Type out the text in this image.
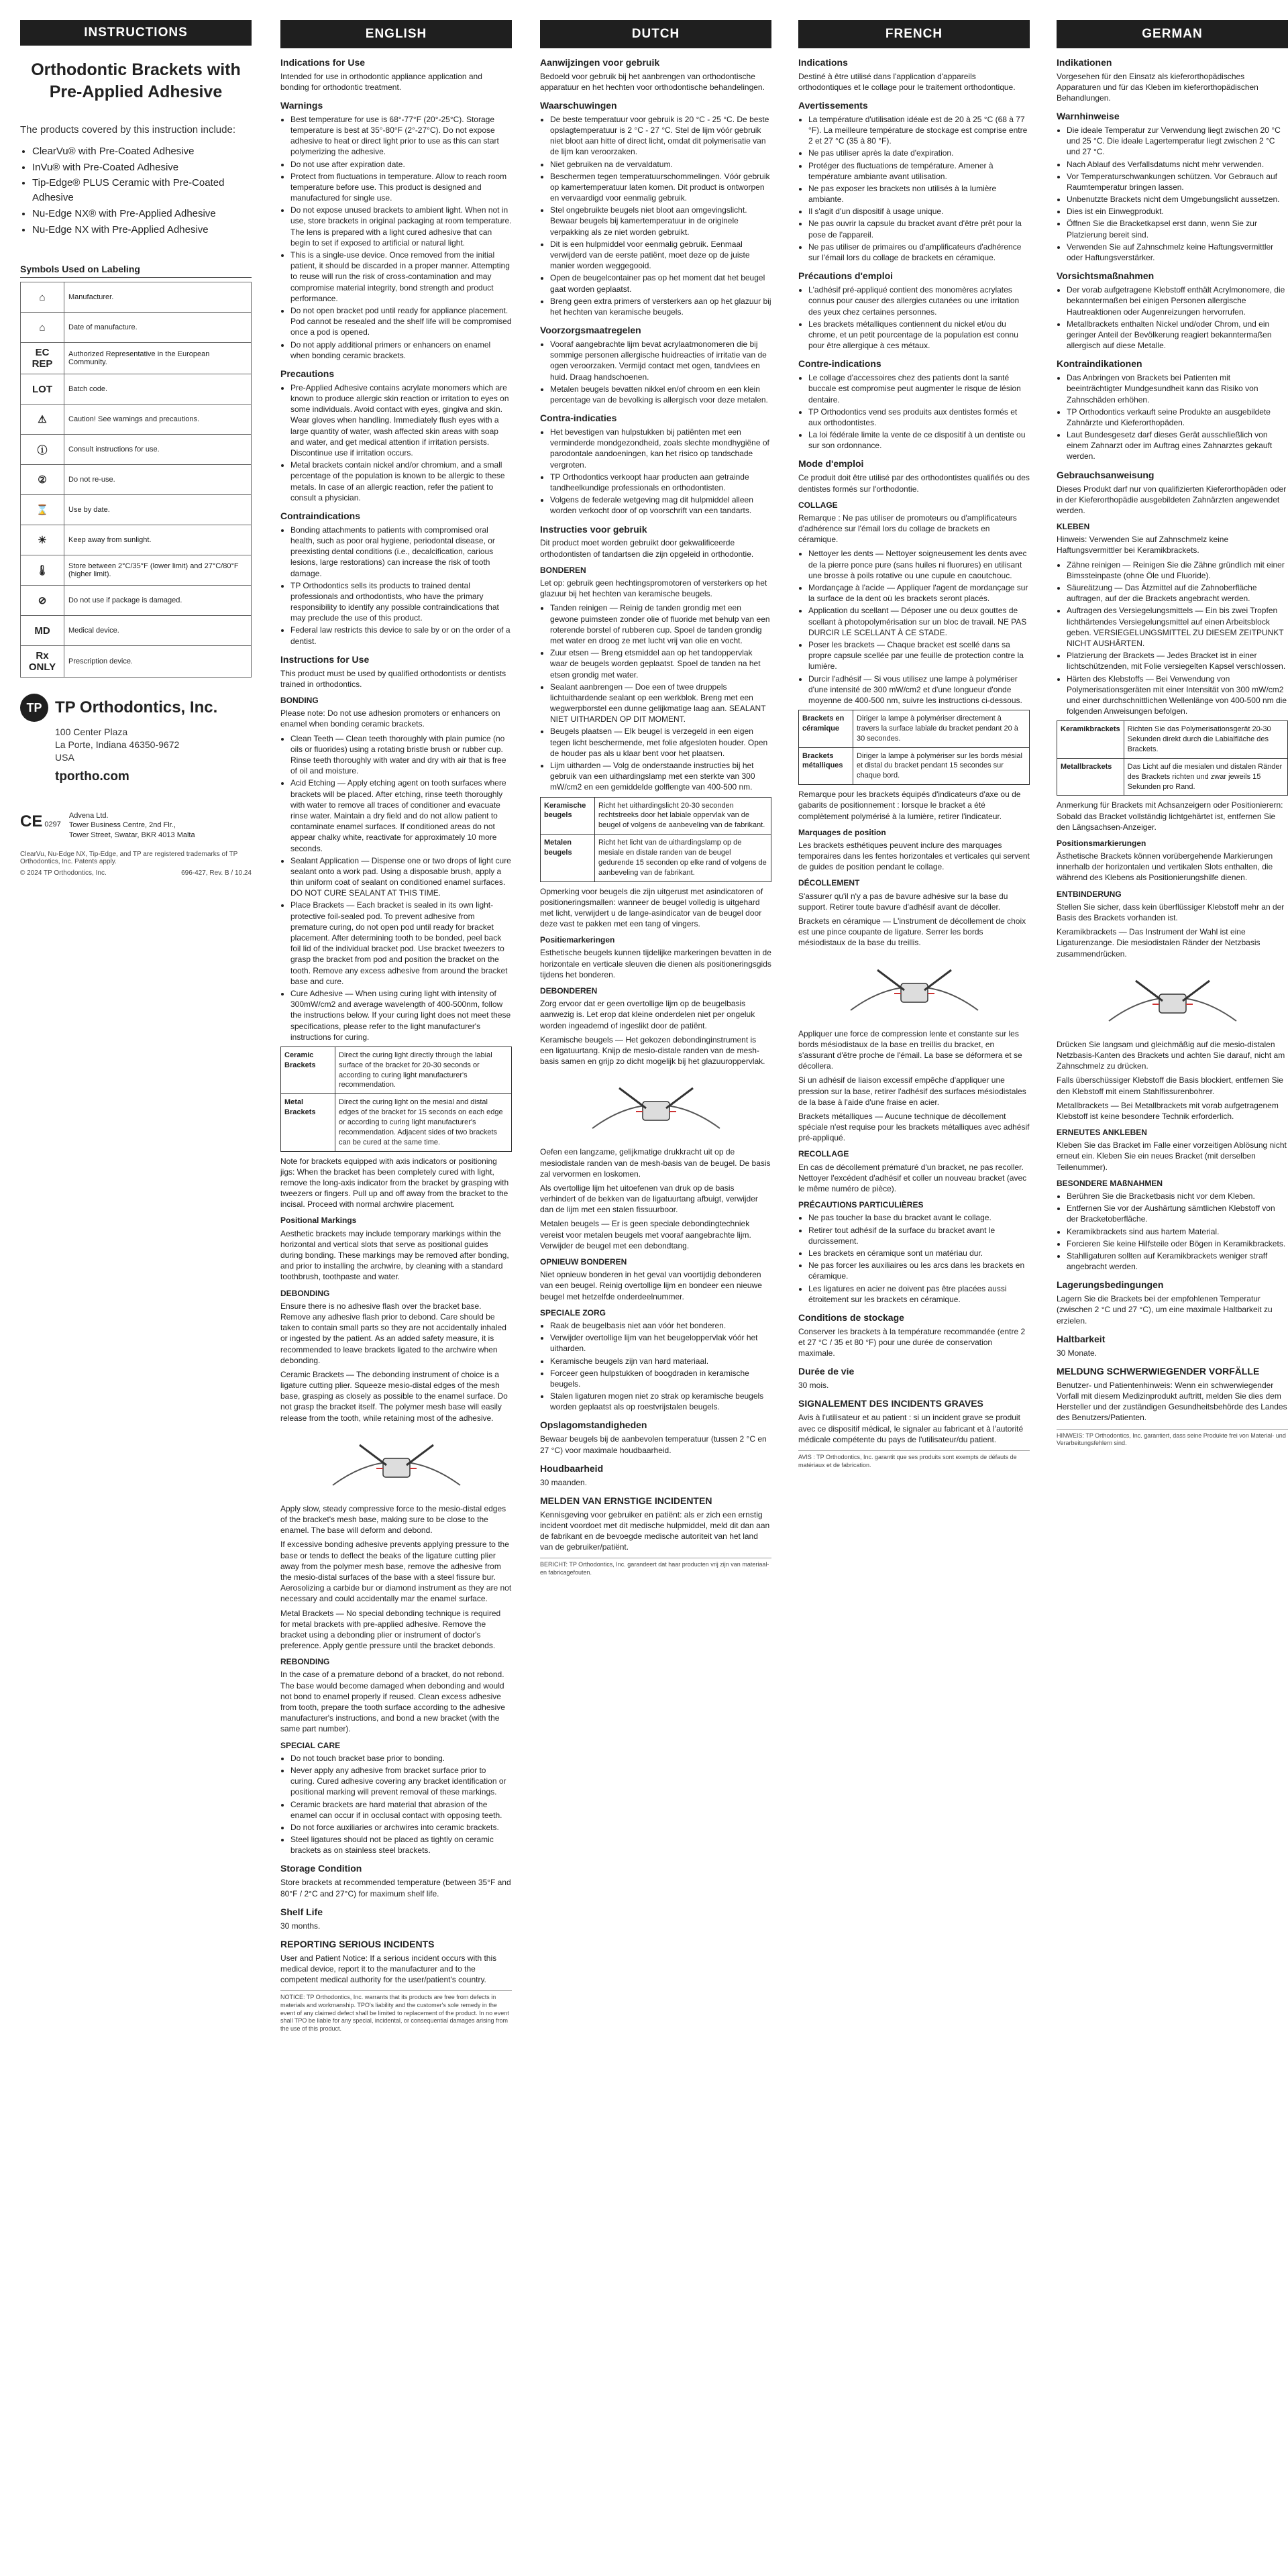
INSTRUCTIONS
Orthodontic Brackets with Pre-Applied Adhesive
The products covered by this instruction include:
• ClearVu® with Pre-Coated Adhesive
• InVu® with Pre-Coated Adhesive
• Tip-Edge® PLUS Ceramic with Pre-Coated Adhesive
• Nu-Edge NX® with Pre-Applied Adhesive
• Nu-Edge NX with Pre-Applied Adhesive
Symbols Used on Labeling
⌂	Manufacturer.
⌂	Date of manufacture.
EC REP	Authorized Representative in the European Community.
LOT	Batch code.
⚠	Caution! See warnings and precautions.
ⓘ	Consult instructions for use.
②	Do not re-use.
⌛	Use by date.
☀	Keep away from sunlight.
🌡	Store between 2°C/35°F (lower limit) and 27°C/80°F (higher limit).
⊘	Do not use if package is damaged.
MD	Medical device.
Rx ONLY	Prescription device.
TP TP Orthodontics, Inc.
100 Center Plaza
La Porte, Indiana 46350-9672
USA
tportho.com
CE 0297
Advena Ltd.
Tower Business Centre, 2nd Flr.,
Tower Street, Swatar, BKR 4013 Malta
ClearVu, Nu-Edge NX, Tip-Edge, and TP are registered trademarks of TP Orthodontics, Inc. Patents apply.
© 2024 TP Orthodontics, Inc.	696-427, Rev. B / 10.24
ENGLISH
Indications for Use

Intended for use in orthodontic appliance application and bonding for orthodontic treatment.

Warnings
• Best temperature for use is 68°-77°F (20°-25°C). Storage temperature is best at 35°-80°F (2°-27°C). Do not expose adhesive to heat or direct light prior to use as this can start polymerizing the adhesive.
• Do not use after expiration date.
• Protect from fluctuations in temperature. Allow to reach room temperature before use. This product is designed and manufactured for single use.
• Do not expose unused brackets to ambient light. When not in use, store brackets in original packaging at room temperature. The lens is prepared with a light cured adhesive that can begin to set if exposed to artificial or natural light.
• This is a single-use device. Once removed from the initial patient, it should be discarded in a proper manner. Attempting to reuse will run the risk of cross-contamination and may compromise material integrity, bond strength and product performance.
• Do not open bracket pod until ready for appliance placement. Pod cannot be resealed and the shelf life will be compromised once a pod is opened.
• Do not apply additional primers or enhancers on enamel when bonding ceramic brackets.
Precautions
• Pre-Applied Adhesive contains acrylate monomers which are known to produce allergic skin reaction or irritation to eyes on some individuals. Avoid contact with eyes, gingiva and skin. Wear gloves when handling. Immediately flush eyes with a large quantity of water, wash affected skin areas with soap and water, and get medical attention if irritation persists. Discontinue use if irritation occurs.
• Metal brackets contain nickel and/or chromium, and a small percentage of the population is known to be allergic to these metals. In case of an allergic reaction, refer the patient to consult a physician.
Contraindications
• Bonding attachments to patients with compromised oral health, such as poor oral hygiene, periodontal disease, or preexisting dental conditions (i.e., decalcification, carious lesions, large restorations) can increase the risk of tooth damage.
• TP Orthodontics sells its products to trained dental professionals and orthodontists, who have the primary responsibility to identify any possible contraindications that may preclude the use of this product.
• Federal law restricts this device to sale by or on the order of a dentist.
Instructions for Use

This product must be used by qualified orthodontists or dentists trained in orthodontics.

BONDING

Please note: Do not use adhesion promoters or enhancers on enamel when bonding ceramic brackets.

• Clean Teeth — Clean teeth thoroughly with plain pumice (no oils or fluorides) using a rotating bristle brush or rubber cup. Rinse teeth thoroughly with water and dry with air that is free of oil and moisture.
• Acid Etching — Apply etching agent on tooth surfaces where brackets will be placed. After etching, rinse teeth thoroughly with water to remove all traces of conditioner and evacuate rinse water. Maintain a dry field and do not allow patient to contaminate enamel surfaces. If conditioned areas do not appear chalky white, reactivate for approximately 10 more seconds.
• Sealant Application — Dispense one or two drops of light cure sealant onto a work pad. Using a disposable brush, apply a thin uniform coat of sealant on conditioned enamel surfaces. DO NOT CURE SEALANT AT THIS TIME.
• Place Brackets — Each bracket is sealed in its own light-protective foil-sealed pod. To prevent adhesive from premature curing, do not open pod until ready for bracket placement. After determining tooth to be bonded, peel back foil lid of the individual bracket pod. Use bracket tweezers to grasp the bracket from pod and position the bracket on the tooth. Remove any excess adhesive from around the bracket base and cure.
• Cure Adhesive — When using curing light with intensity of 300mW/cm2 and average wavelength of 400-500nm, follow the instructions below. If your curing light does not meet these specifications, please refer to the light manufacturer's instructions for curing.
Ceramic Brackets	Direct the curing light directly through the labial surface of the bracket for 20-30 seconds or according to curing light manufacturer's recommendation.
Metal Brackets	Direct the curing light on the mesial and distal edges of the bracket for 15 seconds on each edge or according to curing light manufacturer's recommendation. Adjacent sides of two brackets can be cured at the same time.

Note for brackets equipped with axis indicators or positioning jigs: When the bracket has been completely cured with light, remove the long-axis indicator from the bracket by grasping with tweezers or fingers. Pull up and off away from the bracket to the incisal. Proceed with normal archwire placement.

Positional Markings

Aesthetic brackets may include temporary markings within the horizontal and vertical slots that serve as positional guides during bonding. These markings may be removed after bonding, and prior to installing the archwire, by cleaning with a standard toothbrush, toothpaste and water.

DEBONDING

Ensure there is no adhesive flash over the bracket base. Remove any adhesive flash prior to debond. Care should be taken to contain small parts so they are not accidentally inhaled or ingested by the patient. As an added safety measure, it is recommended to leave brackets ligated to the archwire when debonding.

Ceramic Brackets — The debonding instrument of choice is a ligature cutting plier. Squeeze mesio-distal edges of the mesh base, grasping as closely as possible to the enamel surface. Do not grasp the bracket itself. The polymer mesh base will easily release from the tooth, while retaining most of the adhesive.

Apply slow, steady compressive force to the mesio-distal edges of the bracket's mesh base, making sure to be close to the enamel. The base will deform and debond.

If excessive bonding adhesive prevents applying pressure to the base or tends to deflect the beaks of the ligature cutting plier away from the polymer mesh base, remove the adhesive from the mesio-distal surfaces of the base with a steel fissure bur. Aerosolizing a carbide bur or diamond instrument as they are not necessary and could accidentally mar the enamel surface.

Metal Brackets — No special debonding technique is required for metal brackets with pre-applied adhesive. Remove the bracket using a debonding plier or instrument of doctor's preference. Apply gentle pressure until the bracket debonds.

REBONDING

In the case of a premature debond of a bracket, do not rebond. The base would become damaged when debonding and would not bond to enamel properly if reused. Clean excess adhesive from tooth, prepare the tooth surface according to the adhesive manufacturer's instructions, and bond a new bracket (with the same part number).

SPECIAL CARE
• Do not touch bracket base prior to bonding.
• Never apply any adhesive from bracket surface prior to curing. Cured adhesive covering any bracket identification or positional marking will prevent removal of these markings.
• Ceramic brackets are hard material that abrasion of the enamel can occur if in occlusal contact with opposing teeth.
• Do not force auxiliaries or archwires into ceramic brackets.
• Steel ligatures should not be placed as tightly on ceramic brackets as on stainless steel brackets.
Storage Condition

Store brackets at recommended temperature (between 35°F and 80°F / 2°C and 27°C) for maximum shelf life.

Shelf Life

30 months.

REPORTING SERIOUS INCIDENTS

User and Patient Notice: If a serious incident occurs with this medical device, report it to the manufacturer and to the competent medical authority for the user/patient's country.

NOTICE: TP Orthodontics, Inc. warrants that its products are free from defects in materials and workmanship. TPO's liability and the customer's sole remedy in the event of any claimed defect shall be limited to replacement of the product. In no event shall TPO be liable for any special, incidental, or consequential damages arising from the use of this product.
DUTCH
Aanwijzingen voor gebruik

Bedoeld voor gebruik bij het aanbrengen van orthodontische apparatuur en het hechten voor orthodontische behandelingen.

Waarschuwingen
• De beste temperatuur voor gebruik is 20 °C - 25 °C. De beste opslagtemperatuur is 2 °C - 27 °C. Stel de lijm vóór gebruik niet bloot aan hitte of direct licht, omdat dit polymerisatie van de lijm kan veroorzaken.
• Niet gebruiken na de vervaldatum.
• Beschermen tegen temperatuurschommelingen. Vóór gebruik op kamertemperatuur laten komen. Dit product is ontworpen en vervaardigd voor eenmalig gebruik.
• Stel ongebruikte beugels niet bloot aan omgevingslicht. Bewaar beugels bij kamertemperatuur in de originele verpakking als ze niet worden gebruikt.
• Dit is een hulpmiddel voor eenmalig gebruik. Eenmaal verwijderd van de eerste patiënt, moet deze op de juiste manier worden weggegooid.
• Open de beugelcontainer pas op het moment dat het beugel gaat worden geplaatst.
• Breng geen extra primers of versterkers aan op het glazuur bij het hechten van keramische beugels.
Voorzorgsmaatregelen
• Vooraf aangebrachte lijm bevat acrylaatmonomeren die bij sommige personen allergische huidreacties of irritatie van de ogen veroorzaken. Vermijd contact met ogen, tandvlees en huid. Draag handschoenen.
• Metalen beugels bevatten nikkel en/of chroom en een klein percentage van de bevolking is allergisch voor deze metalen.
Contra-indicaties
• Het bevestigen van hulpstukken bij patiënten met een verminderde mondgezondheid, zoals slechte mondhygiëne of parodontale aandoeningen, kan het risico op tandschade vergroten.
• TP Orthodontics verkoopt haar producten aan getrainde tandheelkundige professionals en orthodontisten.
• Volgens de federale wetgeving mag dit hulpmiddel alleen worden verkocht door of op voorschrift van een tandarts.
Instructies voor gebruik

Dit product moet worden gebruikt door gekwalificeerde orthodontisten of tandartsen die zijn opgeleid in orthodontie.

BONDEREN

Let op: gebruik geen hechtingspromotoren of versterkers op het glazuur bij het hechten van keramische beugels.

• Tanden reinigen — Reinig de tanden grondig met een gewone puimsteen zonder olie of fluoride met behulp van een roterende borstel of rubberen cup. Spoel de tanden grondig met water en droog ze met lucht vrij van olie en vocht.
• Zuur etsen — Breng etsmiddel aan op het tandoppervlak waar de beugels worden geplaatst. Spoel de tanden na het etsen grondig met water.
• Sealant aanbrengen — Doe een of twee druppels lichtuithardende sealant op een werkblok. Breng met een wegwerpborstel een dunne gelijkmatige laag aan. SEALANT NIET UITHARDEN OP DIT MOMENT.
• Beugels plaatsen — Elk beugel is verzegeld in een eigen tegen licht beschermende, met folie afgesloten houder. Open de houder pas als u klaar bent voor het plaatsen.
• Lijm uitharden — Volg de onderstaande instructies bij het gebruik van een uithardingslamp met een sterkte van 300 mW/cm2 en een gemiddelde golflengte van 400-500 nm.
Keramische beugels	Richt het uithardingslicht 20-30 seconden rechtstreeks door het labiale oppervlak van de beugel of volgens de aanbeveling van de fabrikant.
Metalen beugels	Richt het licht van de uithardingslamp op de mesiale en distale randen van de beugel gedurende 15 seconden op elke rand of volgens de aanbeveling van de fabrikant.

Opmerking voor beugels die zijn uitgerust met asindicatoren of positioneringsmallen: wanneer de beugel volledig is uitgehard met licht, verwijdert u de lange-asindicator van de beugel door deze vast te pakken met een tang of vingers.

Positiemarkeringen

Esthetische beugels kunnen tijdelijke markeringen bevatten in de horizontale en verticale sleuven die dienen als positioneringsgids tijdens het bonderen.

DEBONDEREN

Zorg ervoor dat er geen overtollige lijm op de beugelbasis aanwezig is. Let erop dat kleine onderdelen niet per ongeluk worden ingeademd of ingeslikt door de patiënt.

Keramische beugels — Het gekozen debondinginstrument is een ligatuurtang. Knijp de mesio-distale randen van de mesh-basis samen en grijp zo dicht mogelijk bij het glazuuroppervlak.

Oefen een langzame, gelijkmatige drukkracht uit op de mesiodistale randen van de mesh-basis van de beugel. De basis zal vervormen en loskomen.

Als overtollige lijm het uitoefenen van druk op de basis verhindert of de bekken van de ligatuurtang afbuigt, verwijder dan de lijm met een stalen fissuurboor.

Metalen beugels — Er is geen speciale debondingtechniek vereist voor metalen beugels met vooraf aangebrachte lijm. Verwijder de beugel met een debondtang.

OPNIEUW BONDEREN

Niet opnieuw bonderen in het geval van voortijdig debonderen van een beugel. Reinig overtollige lijm en bondeer een nieuwe beugel met hetzelfde onderdeelnummer.

SPECIALE ZORG
• Raak de beugelbasis niet aan vóór het bonderen.
• Verwijder overtollige lijm van het beugeloppervlak vóór het uitharden.
• Keramische beugels zijn van hard materiaal.
• Forceer geen hulpstukken of boogdraden in keramische beugels.
• Stalen ligaturen mogen niet zo strak op keramische beugels worden geplaatst als op roestvrijstalen beugels.
Opslagomstandigheden

Bewaar beugels bij de aanbevolen temperatuur (tussen 2 °C en 27 °C) voor maximale houdbaarheid.

Houdbaarheid

30 maanden.

MELDEN VAN ERNSTIGE INCIDENTEN

Kennisgeving voor gebruiker en patiënt: als er zich een ernstig incident voordoet met dit medische hulpmiddel, meld dit dan aan de fabrikant en de bevoegde medische autoriteit van het land van de gebruiker/patiënt.

BERICHT: TP Orthodontics, Inc. garandeert dat haar producten vrij zijn van materiaal- en fabricagefouten.
FRENCH
Indications

Destiné à être utilisé dans l'application d'appareils orthodontiques et le collage pour le traitement orthodontique.

Avertissements
• La température d'utilisation idéale est de 20 à 25 °C (68 à 77 °F). La meilleure température de stockage est comprise entre 2 et 27 °C (35 à 80 °F).
• Ne pas utiliser après la date d'expiration.
• Protéger des fluctuations de température. Amener à température ambiante avant utilisation.
• Ne pas exposer les brackets non utilisés à la lumière ambiante.
• Il s'agit d'un dispositif à usage unique.
• Ne pas ouvrir la capsule du bracket avant d'être prêt pour la pose de l'appareil.
• Ne pas utiliser de primaires ou d'amplificateurs d'adhérence sur l'émail lors du collage de brackets en céramique.
Précautions d'emploi
• L'adhésif pré-appliqué contient des monomères acrylates connus pour causer des allergies cutanées ou une irritation des yeux chez certaines personnes.
• Les brackets métalliques contiennent du nickel et/ou du chrome, et un petit pourcentage de la population est connu pour être allergique à ces métaux.
Contre-indications
• Le collage d'accessoires chez des patients dont la santé buccale est compromise peut augmenter le risque de lésion dentaire.
• TP Orthodontics vend ses produits aux dentistes formés et aux orthodontistes.
• La loi fédérale limite la vente de ce dispositif à un dentiste ou sur son ordonnance.
Mode d'emploi

Ce produit doit être utilisé par des orthodontistes qualifiés ou des dentistes formés sur l'orthodontie.

COLLAGE

Remarque : Ne pas utiliser de promoteurs ou d'amplificateurs d'adhérence sur l'émail lors du collage de brackets en céramique.

• Nettoyer les dents — Nettoyer soigneusement les dents avec de la pierre ponce pure (sans huiles ni fluorures) en utilisant une brosse à poils rotative ou une cupule en caoutchouc.
• Mordançage à l'acide — Appliquer l'agent de mordançage sur la surface de la dent où les brackets seront placés.
• Application du scellant — Déposer une ou deux gouttes de scellant à photopolymérisation sur un bloc de travail. NE PAS DURCIR LE SCELLANT À CE STADE.
• Poser les brackets — Chaque bracket est scellé dans sa propre capsule scellée par une feuille de protection contre la lumière.
• Durcir l'adhésif — Si vous utilisez une lampe à polymériser d'une intensité de 300 mW/cm2 et d'une longueur d'onde moyenne de 400-500 nm, suivre les instructions ci-dessous.
Brackets en céramique	Diriger la lampe à polymériser directement à travers la surface labiale du bracket pendant 20 à 30 secondes.
Brackets métalliques	Diriger la lampe à polymériser sur les bords mésial et distal du bracket pendant 15 secondes sur chaque bord.

Remarque pour les brackets équipés d'indicateurs d'axe ou de gabarits de positionnement : lorsque le bracket a été complètement polymérisé à la lumière, retirer l'indicateur.

Marquages de position

Les brackets esthétiques peuvent inclure des marquages temporaires dans les fentes horizontales et verticales qui servent de guides de position pendant le collage.

DÉCOLLEMENT

S'assurer qu'il n'y a pas de bavure adhésive sur la base du support. Retirer toute bavure d'adhésif avant de décoller.

Brackets en céramique — L'instrument de décollement de choix est une pince coupante de ligature. Serrer les bords mésiodistaux de la base du treillis.

Appliquer une force de compression lente et constante sur les bords mésiodistaux de la base en treillis du bracket, en s'assurant d'être proche de l'émail. La base se déformera et se décollera.

Si un adhésif de liaison excessif empêche d'appliquer une pression sur la base, retirer l'adhésif des surfaces mésiodistales de la base à l'aide d'une fraise en acier.

Brackets métalliques — Aucune technique de décollement spéciale n'est requise pour les brackets métalliques avec adhésif pré-appliqué.

RECOLLAGE

En cas de décollement prématuré d'un bracket, ne pas recoller. Nettoyer l'excédent d'adhésif et coller un nouveau bracket (avec le même numéro de pièce).

PRÉCAUTIONS PARTICULIÈRES
• Ne pas toucher la base du bracket avant le collage.
• Retirer tout adhésif de la surface du bracket avant le durcissement.
• Les brackets en céramique sont un matériau dur.
• Ne pas forcer les auxiliaires ou les arcs dans les brackets en céramique.
• Les ligatures en acier ne doivent pas être placées aussi étroitement sur les brackets en céramique.
Conditions de stockage

Conserver les brackets à la température recommandée (entre 2 et 27 °C / 35 et 80 °F) pour une durée de conservation maximale.

Durée de vie

30 mois.

SIGNALEMENT DES INCIDENTS GRAVES

Avis à l'utilisateur et au patient : si un incident grave se produit avec ce dispositif médical, le signaler au fabricant et à l'autorité médicale compétente du pays de l'utilisateur/du patient.

AVIS : TP Orthodontics, Inc. garantit que ses produits sont exempts de défauts de matériaux et de fabrication.
GERMAN
Indikationen

Vorgesehen für den Einsatz als kieferorthopädisches Apparaturen und für das Kleben im kieferorthopädischen Behandlungen.

Warnhinweise
• Die ideale Temperatur zur Verwendung liegt zwischen 20 °C und 25 °C. Die ideale Lagertemperatur liegt zwischen 2 °C und 27 °C.
• Nach Ablauf des Verfallsdatums nicht mehr verwenden.
• Vor Temperaturschwankungen schützen. Vor Gebrauch auf Raumtemperatur bringen lassen.
• Unbenutzte Brackets nicht dem Umgebungslicht aussetzen.
• Dies ist ein Einwegprodukt.
• Öffnen Sie die Bracketkapsel erst dann, wenn Sie zur Platzierung bereit sind.
• Verwenden Sie auf Zahnschmelz keine Haftungsvermittler oder Haftungsverstärker.
Vorsichtsmaßnahmen
• Der vorab aufgetragene Klebstoff enthält Acrylmonomere, die bekanntermaßen bei einigen Personen allergische Hautreaktionen oder Augenreizungen hervorrufen.
• Metallbrackets enthalten Nickel und/oder Chrom, und ein geringer Anteil der Bevölkerung reagiert bekanntermaßen allergisch auf diese Metalle.
Kontraindikationen
• Das Anbringen von Brackets bei Patienten mit beeinträchtigter Mundgesundheit kann das Risiko von Zahnschäden erhöhen.
• TP Orthodontics verkauft seine Produkte an ausgebildete Zahnärzte und Kieferorthopäden.
• Laut Bundesgesetz darf dieses Gerät ausschließlich von einem Zahnarzt oder im Auftrag eines Zahnarztes gekauft werden.
Gebrauchsanweisung

Dieses Produkt darf nur von qualifizierten Kieferorthopäden oder in der Kieferorthopädie ausgebildeten Zahnärzten angewendet werden.

KLEBEN

Hinweis: Verwenden Sie auf Zahnschmelz keine Haftungsvermittler bei Keramikbrackets.

• Zähne reinigen — Reinigen Sie die Zähne gründlich mit einer Bimssteinpaste (ohne Öle und Fluoride).
• Säureätzung — Das Ätzmittel auf die Zahnoberfläche auftragen, auf der die Brackets angebracht werden.
• Auftragen des Versiegelungsmittels — Ein bis zwei Tropfen lichthärtendes Versiegelungsmittel auf einen Arbeitsblock geben. VERSIEGELUNGSMITTEL ZU DIESEM ZEITPUNKT NICHT AUSHÄRTEN.
• Platzierung der Brackets — Jedes Bracket ist in einer lichtschützenden, mit Folie versiegelten Kapsel verschlossen.
• Härten des Klebstoffs — Bei Verwendung von Polymerisationsgeräten mit einer Intensität von 300 mW/cm2 und einer durchschnittlichen Wellenlänge von 400-500 nm die folgenden Anweisungen befolgen.
Keramikbrackets	Richten Sie das Polymerisationsgerät 20-30 Sekunden direkt durch die Labialfläche des Brackets.
Metallbrackets	Das Licht auf die mesialen und distalen Ränder des Brackets richten und zwar jeweils 15 Sekunden pro Rand.

Anmerkung für Brackets mit Achsanzeigern oder Positionierern: Sobald das Bracket vollständig lichtgehärtet ist, entfernen Sie den Längsachsen-Anzeiger.

Positionsmarkierungen

Ästhetische Brackets können vorübergehende Markierungen innerhalb der horizontalen und vertikalen Slots enthalten, die während des Klebens als Positionierungshilfe dienen.

ENTBINDERUNG

Stellen Sie sicher, dass kein überflüssiger Klebstoff mehr an der Basis des Brackets vorhanden ist.

Keramikbrackets — Das Instrument der Wahl ist eine Ligaturenzange. Die mesiodistalen Ränder der Netzbasis zusammendrücken.

Drücken Sie langsam und gleichmäßig auf die mesio-distalen Netzbasis-Kanten des Brackets und achten Sie darauf, nicht am Zahnschmelz zu drücken.

Falls überschüssiger Klebstoff die Basis blockiert, entfernen Sie den Klebstoff mit einem Stahlfissurenbohrer.

Metallbrackets — Bei Metallbrackets mit vorab aufgetragenem Klebstoff ist keine besondere Technik erforderlich.

ERNEUTES ANKLEBEN

Kleben Sie das Bracket im Falle einer vorzeitigen Ablösung nicht erneut ein. Kleben Sie ein neues Bracket (mit derselben Teilenummer).

BESONDERE MAßNAHMEN
• Berühren Sie die Bracketbasis nicht vor dem Kleben.
• Entfernen Sie vor der Aushärtung sämtlichen Klebstoff von der Bracketoberfläche.
• Keramikbrackets sind aus hartem Material.
• Forcieren Sie keine Hilfsteile oder Bögen in Keramikbrackets.
• Stahlligaturen sollten auf Keramikbrackets weniger straff angebracht werden.
Lagerungsbedingungen

Lagern Sie die Brackets bei der empfohlenen Temperatur (zwischen 2 °C und 27 °C), um eine maximale Haltbarkeit zu erzielen.

Haltbarkeit

30 Monate.

MELDUNG SCHWERWIEGENDER VORFÄLLE

Benutzer- und Patientenhinweis: Wenn ein schwerwiegender Vorfall mit diesem Medizinprodukt auftritt, melden Sie dies dem Hersteller und der zuständigen Gesundheitsbehörde des Landes des Benutzers/Patienten.

HINWEIS: TP Orthodontics, Inc. garantiert, dass seine Produkte frei von Material- und Verarbeitungsfehlern sind.
